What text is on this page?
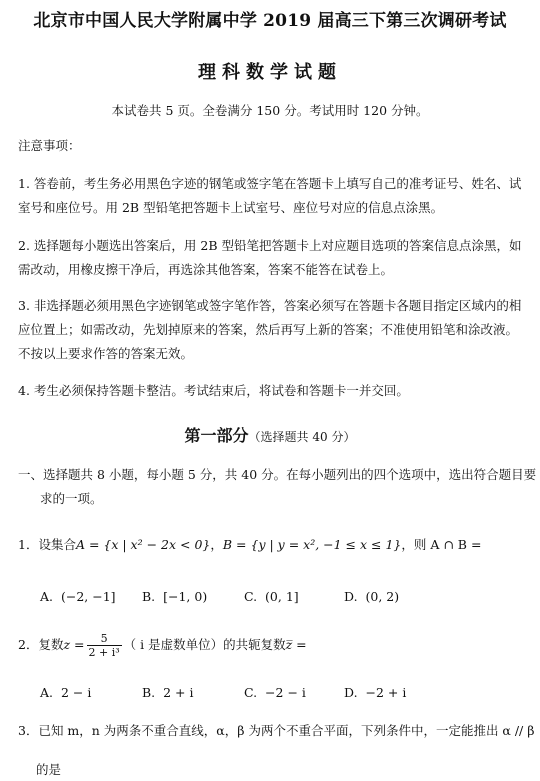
北京市中国人民大学附属中学 2019 届高三下第三次调研考试
理科数学试题
本试卷共 5 页。全卷满分 150 分。考试用时 120 分钟。
注意事项：
1. 答卷前，考生务必用黑色字迹的钢笔或签字笔在答题卡上填写自己的准考证号、姓名、试
室号和座位号。用 2B 型铅笔把答题卡上试室号、座位号对应的信息点涂黑。
2. 选择题每小题选出答案后，用 2B 型铅笔把答题卡上对应题目选项的答案信息点涂黑，如
需改动，用橡皮擦干净后，再选涂其他答案，答案不能答在试卷上。
3. 非选择题必须用黑色字迹钢笔或签字笔作答，答案必须写在答题卡各题目指定区域内的相
应位置上；如需改动，先划掉原来的答案，然后再写上新的答案；不准使用铅笔和涂改液。
不按以上要求作答的答案无效。
4. 考生必须保持答题卡整洁。考试结束后，将试卷和答题卡一并交回。
第一部分（选择题共 40 分）
一、选择题共 8 小题，每小题 5 分，共 40 分。在每小题列出的四个选项中，选出符合题目要
求的一项。
1．设集合A = {x | x² − 2x < 0}，B = {y | y = x², −1 ≤ x ≤ 1}，则 A ∩ B =
A. (−2, −1] B. [−1, 0)	C. (0, 1]	D. (0, 2)
2．复数$z = \frac{5}{\text{2 + i³}}$ （ i 是虚数单位）的共轭复数z̅ =
A. 2 − i	B. 2 + i	C. −2 − i	D. −2 + i
3．已知 m，n 为两条不重合直线，α，β 为两个不重合平面，下列条件中，一定能推出 α // β
的是
